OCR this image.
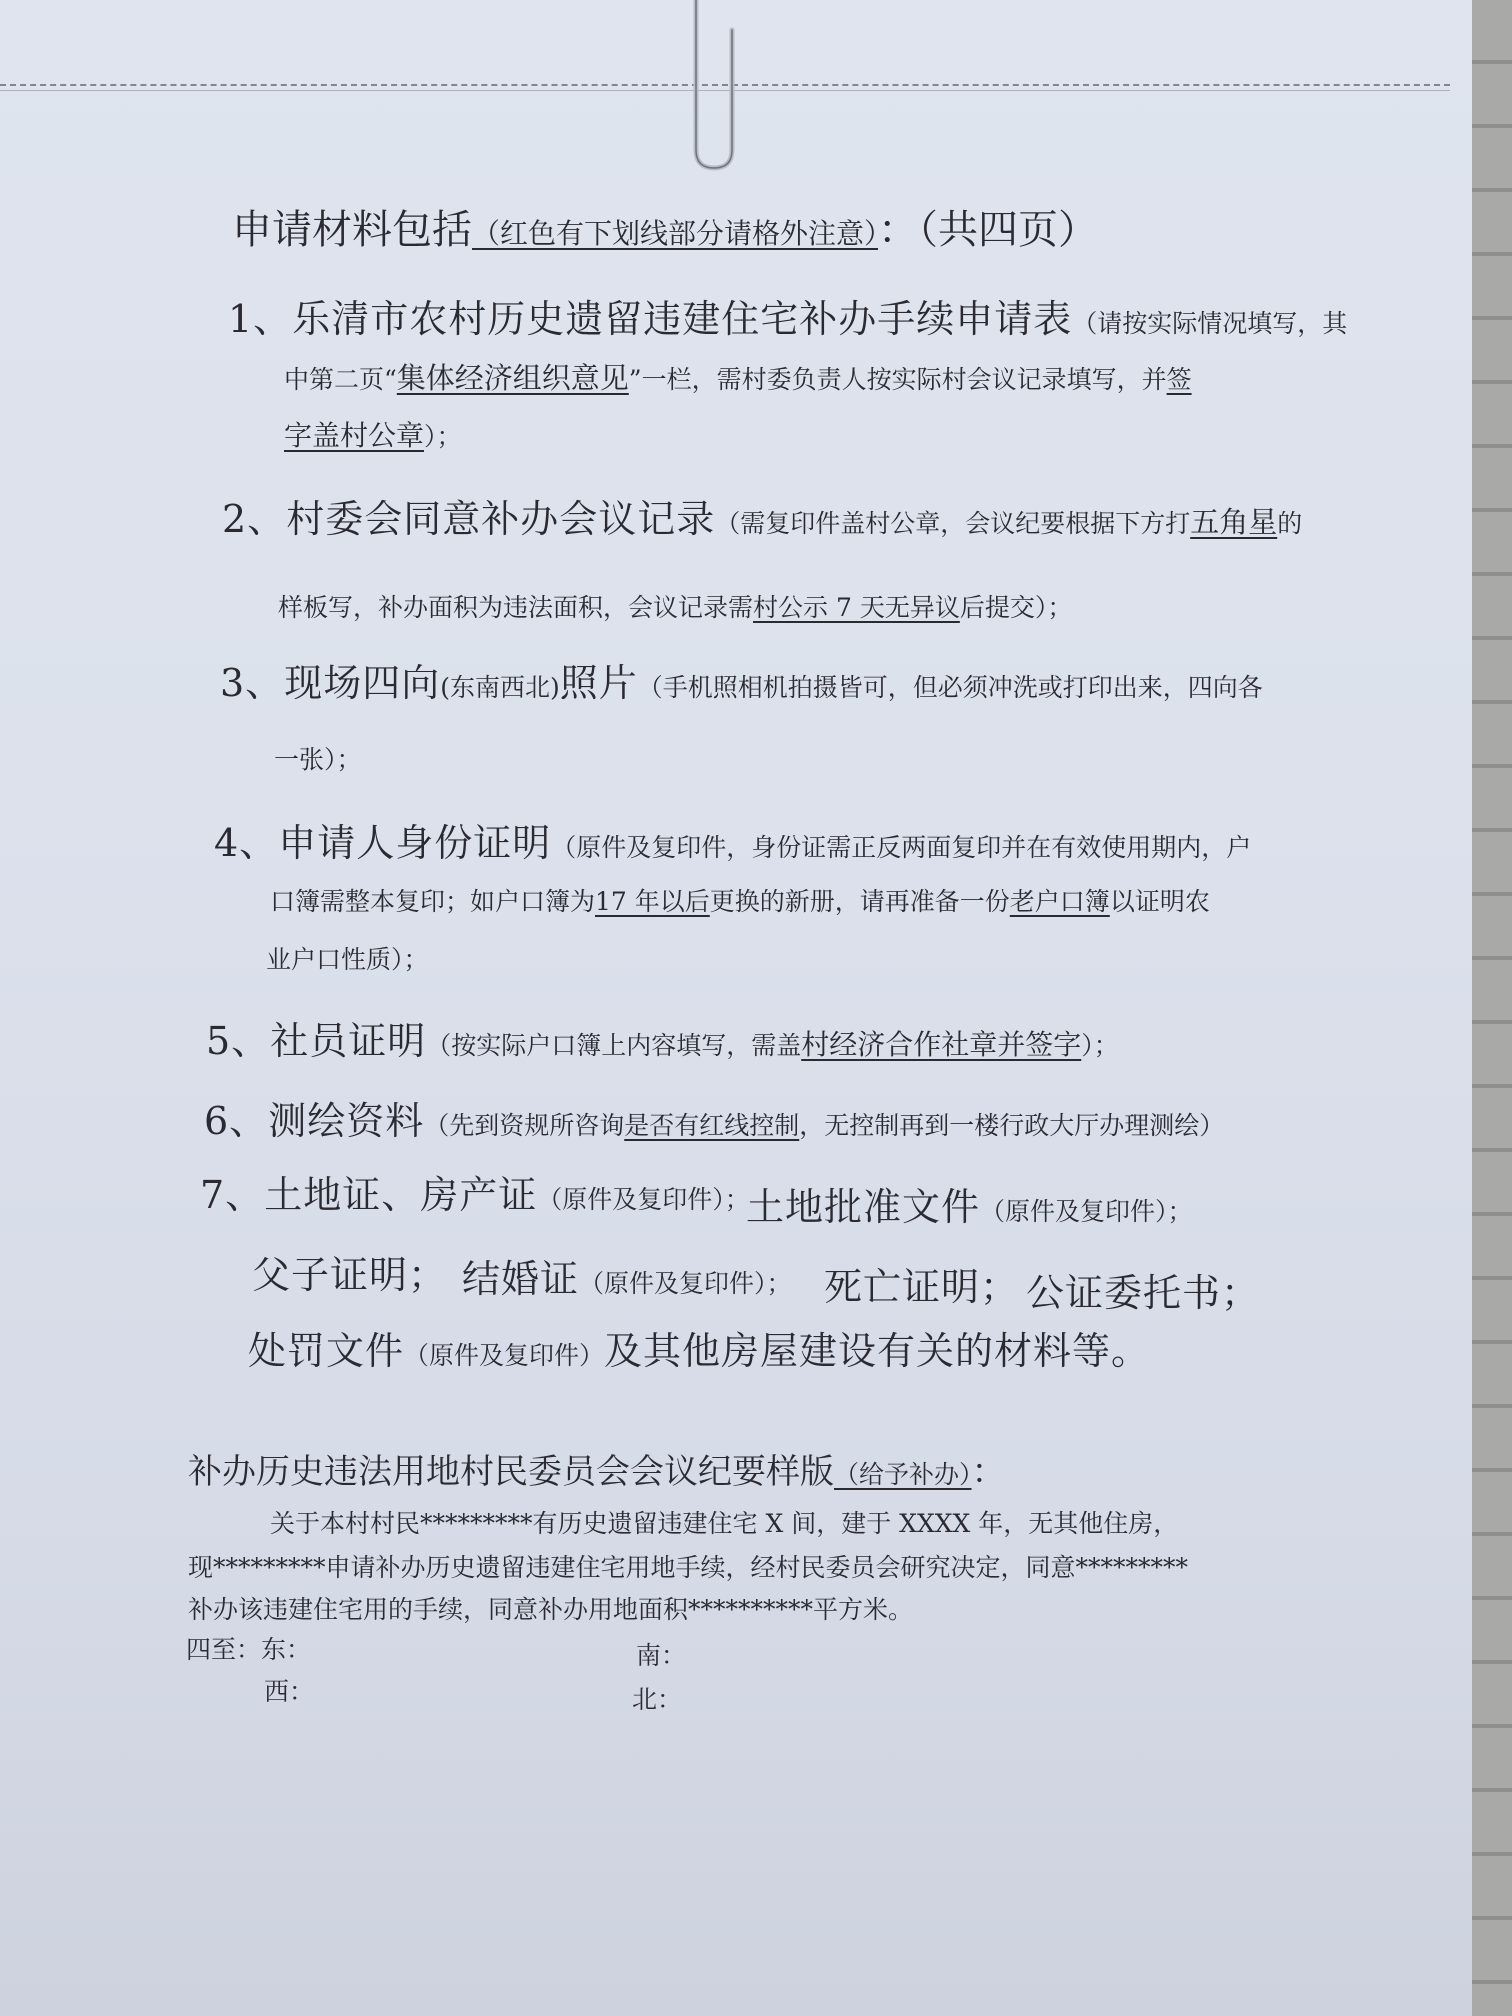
申请材料包括（红色有下划线部分请格外注意）：（共四页）
1、乐清市农村历史遗留违建住宅补办手续申请表（请按实际情况填写，其
中第二页“集体经济组织意见”一栏，需村委负责人按实际村会议记录填写，并签
字盖村公章）；
2、村委会同意补办会议记录（需复印件盖村公章，会议纪要根据下方打五角星的
样板写，补办面积为违法面积，会议记录需村公示 7 天无异议后提交）；
3、现场四向(东南西北)照片（手机照相机拍摄皆可，但必须冲洗或打印出来，四向各
一张）；
4、申请人身份证明（原件及复印件，身份证需正反两面复印并在有效使用期内，户
口簿需整本复印；如户口簿为17 年以后更换的新册，请再准备一份老户口簿以证明农
业户口性质）；
5、社员证明（按实际户口簿上内容填写，需盖村经济合作社章并签字）；
6、测绘资料（先到资规所咨询是否有红线控制，无控制再到一楼行政大厅办理测绘）
7、土地证、房产证（原件及复印件）；
土地批准文件（原件及复印件）；
父子证明； 结婚证（原件及复印件）； 死亡证明； 公证委托书；
处罚文件（原件及复印件）及其他房屋建设有关的材料等。
补办历史违法用地村民委员会会议纪要样版（给予补办）：
关于本村村民*********有历史遗留违建住宅 X 间，建于 XXXX 年，无其他住房，
现*********申请补办历史遗留违建住宅用地手续，经村民委员会研究决定，同意*********
补办该违建住宅用的手续，同意补办用地面积**********平方米。
四至：东：	南：
西：	北：
